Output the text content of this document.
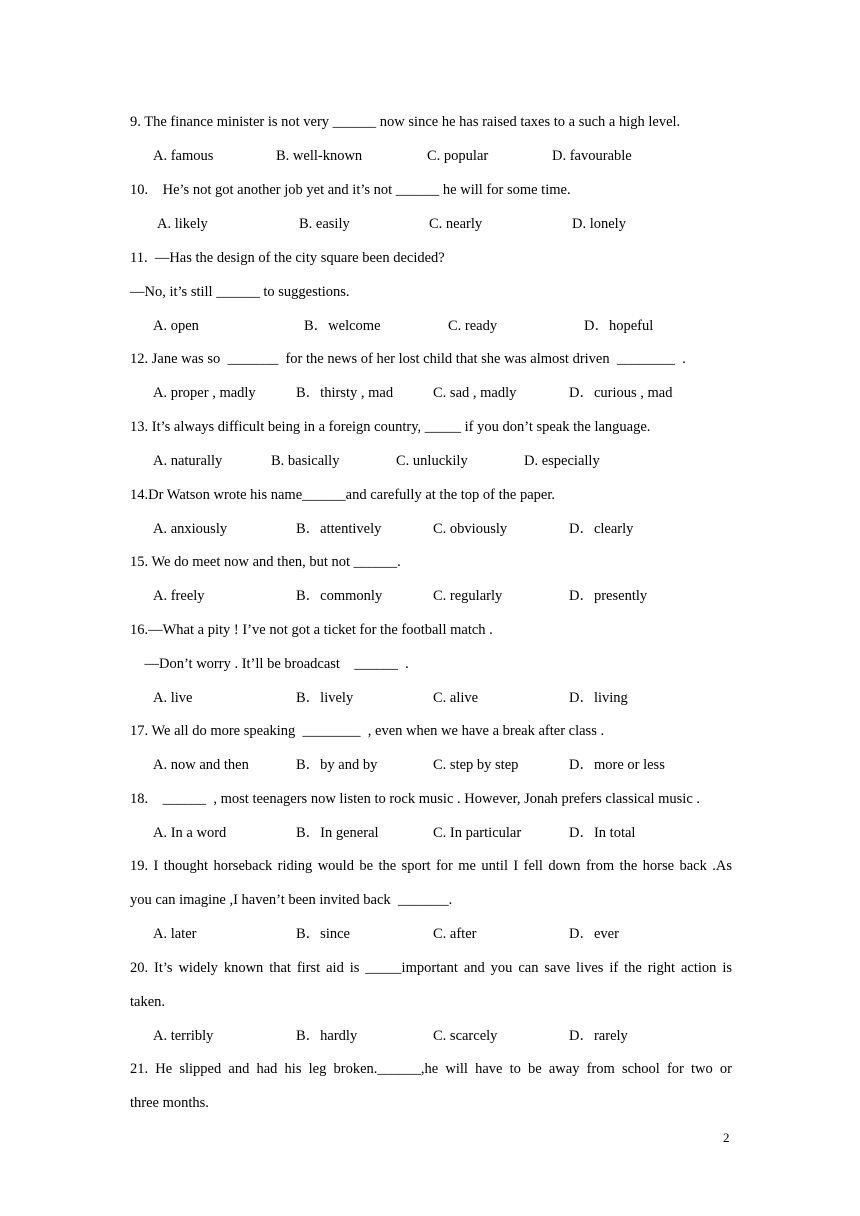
9. The finance minister is not very ______ now since he has raised taxes to a such a high level.
A. famous	B. well-known	C. popular	D. favourable
10.    He’s not got another job yet and it’s not ______ he will for some time.
A. likely	B. easily	C. nearly	D. lonely
11.  —Has the design of the city square been decided?
—No, it’s still ______ to suggestions.
A. open	B．welcome	C. ready	D．hopeful
12. Jane was so  _______  for the news of her lost child that she was almost driven  ________  .
A. proper , madly	B．thirsty , mad	C. sad , madly	D．curious , mad
13. It’s always difficult being in a foreign country, _____ if you don’t speak the language.
A. naturally	B. basically	C. unluckily	D. especially
14.Dr Watson wrote his name______and carefully at the top of the paper.
A. anxiously	B．attentively	C. obviously	D．clearly
15. We do meet now and then, but not ______.
A. freely	B．commonly	C. regularly	D．presently
16.—What a pity ! I’ve not got a ticket for the football match .
—Don’t worry . It’ll be broadcast    ______  .
A. live	B．lively	C. alive	D．living
17. We all do more speaking  ________  , even when we have a break after class .
A. now and then	B．by and by	C. step by step	D．more or less
18.    ______  , most teenagers now listen to rock music . However, Jonah prefers classical music .
A. In a word	B．In general	C. In particular	D．In total
19. I thought horseback riding would be the sport for me until I fell down from the horse back .As
you can imagine ,I haven’t been invited back  _______.
A. later	B．since	C. after	D．ever
20. It’s widely known that first aid is _____important and you can save lives if the right action is
taken.
A. terribly	B．hardly	C. scarcely	D．rarely
21. He slipped and had his leg broken.______,he will have to be away from school for two or
three months.
2
